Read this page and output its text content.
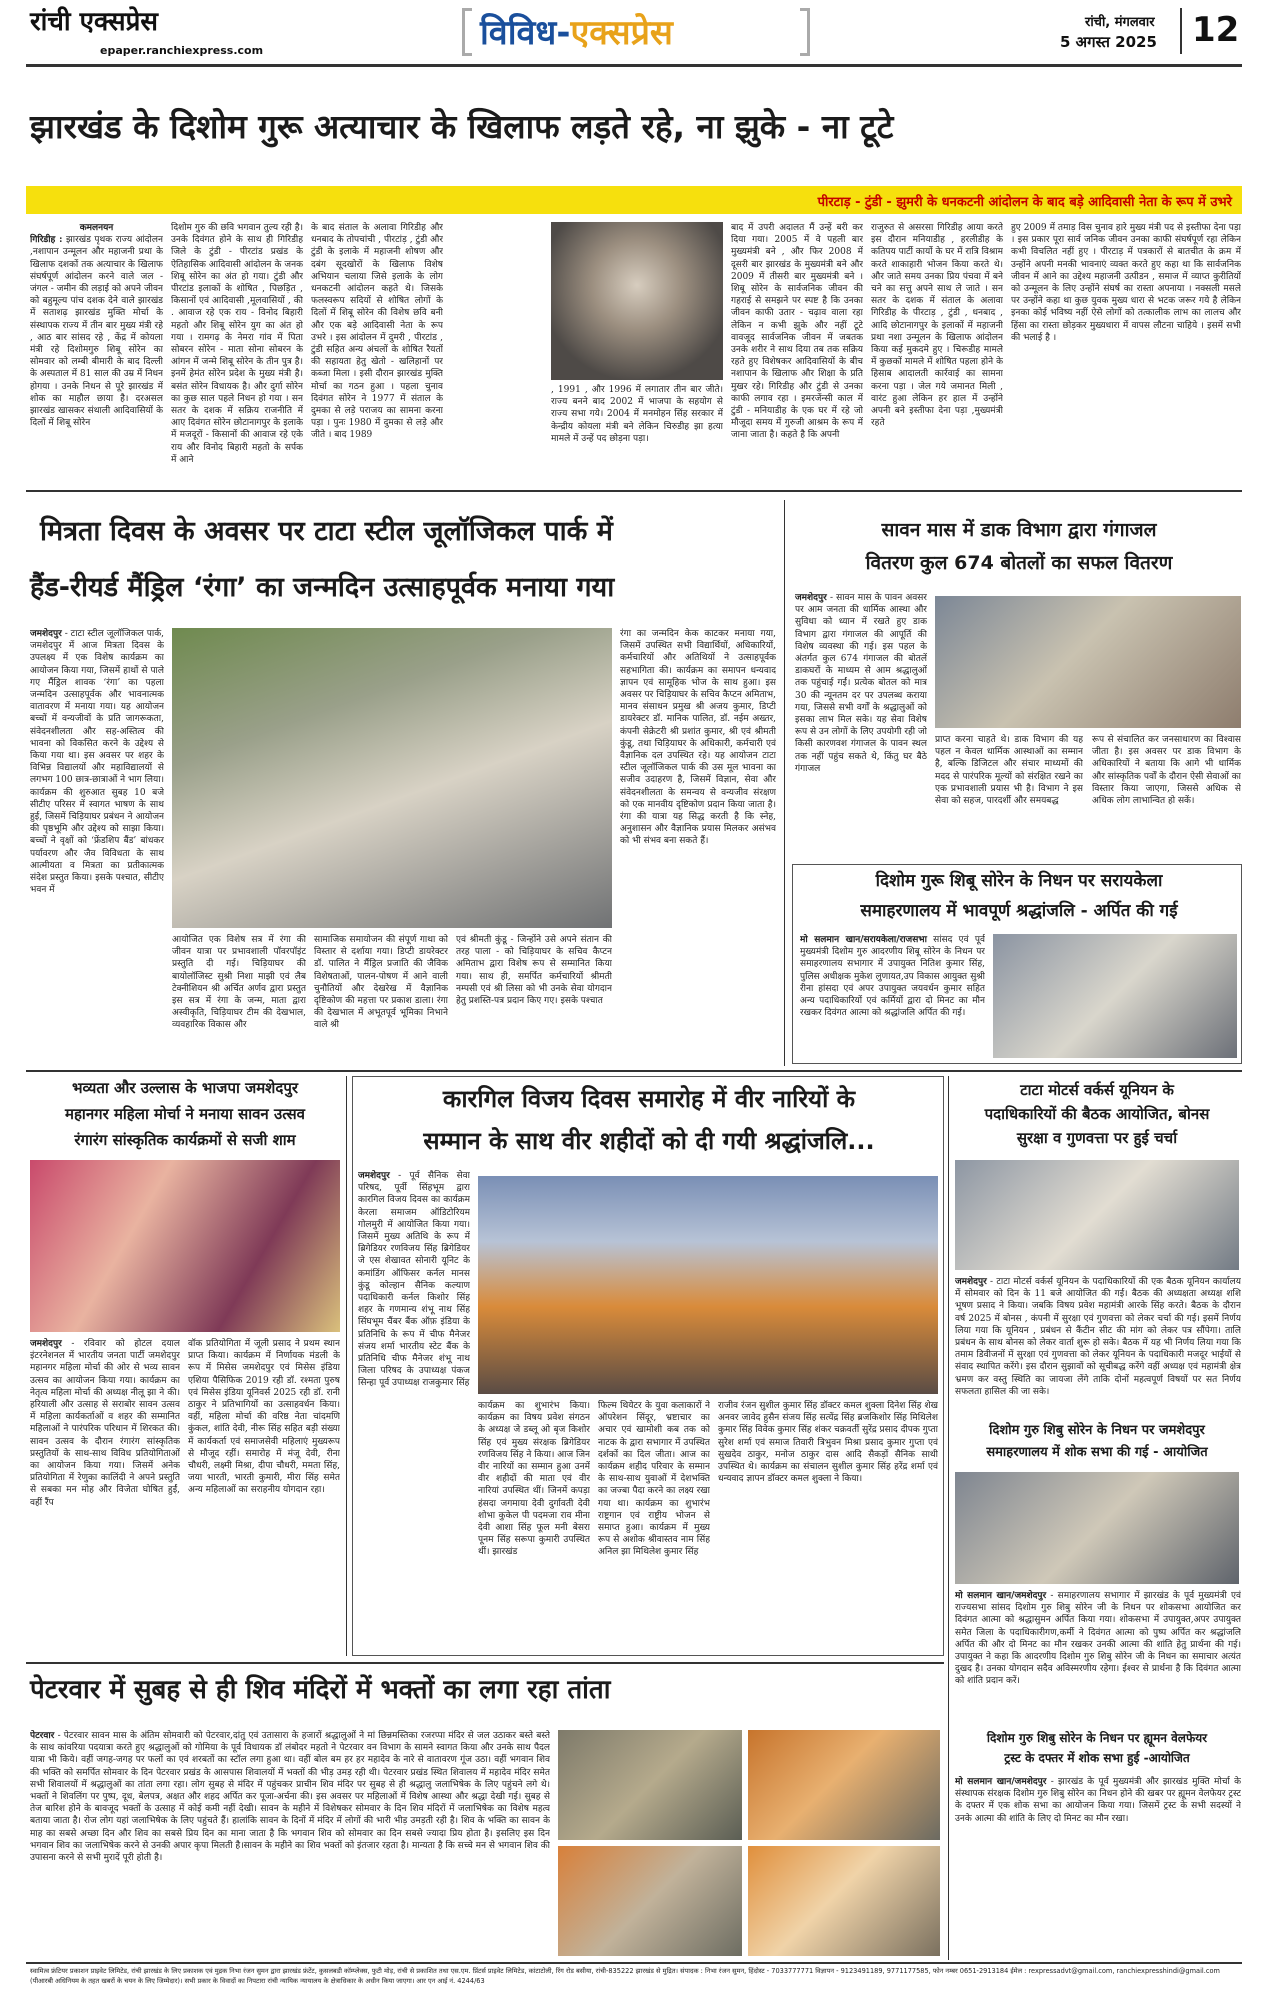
रांची एक्सप्रेस
epaper.ranchiexpress.com	विविध-एक्सप्रेस	रांची, मंगलवार
5 अगस्त 2025 12
झारखंड के दिशोम गुरू अत्याचार के खिलाफ लड़ते रहे, ना झुके - ना टूटे
पीरटाड़ - टुंडी - झुमरी के धनकटनी आंदोलन के बाद बड़े आदिवासी नेता के रूप में उभरे
कमलनयन
गिरिडीह : झारखंड पृथक राज्य आंदोलन ,नशापान उन्मूलन और महाजनी प्रथा के खिलाफ दशकों तक अत्याचार के खिलाफ संघर्षपूर्ण आंदोलन करने वाले जल - जंगल - जमीन की लड़ाई को अपने जीवन को बहुमूल्य पांच दशक देने वाले झारखंड में सताशढ़ झारखंड मुक्ति मोर्चा के संस्थापक राज्य में तीन बार मुख्य मंत्री रहे , आठ बार सांसद रहे , केंद्र में कोयला मंत्री रहे दिशोमगुरु शिबू सोरेन का सोमवार को लम्बी बीमारी के बाद दिल्ली के अस्पताल में 81 साल की उम्र में निधन होगया । उनके निधन से पूरे झारखंड में शोक का माहौल छाया है। दरअसल झारखंड खासकर संथाली आदिवासियों के दिलों में शिबू सोरेन
दिशोम गुरु की छवि भगवान तुल्य रही है। उनके दिवंगत होने के साथ ही गिरिडीह जिले के टुंडी - पीरटांड प्रखंड के ऐतिहासिक आदिवासी आंदोलन के जनक शिबू सोरेन का अंत हो गया। टुंडी और पीरटांड इलाकों के शोषित , पिछड़ित , किसानों एवं आदिवासी ,मूलवासियों , की . आवाज रहे एक राय - विनोद बिहारी महतो और शिबू सोरेन युग का अंत हो गया । रामगढ़ के नेमरा गांव में पिता सोबरन सोरेन - माता सोना सोबरन के आंगन में जन्मे शिबू सोरेन के तीन पुत्र है। इनमें हेमंत सोरेन प्रदेश के मुख्य मंत्री है। बसंत सोरेन विधायक है। और दुर्गा सोरेन का कुछ साल पहले निधन हो गया । सन सतर के दशक में सक्रिय राजनीति में आए दिवंगत सोरेन छोटानागपुर के इलाके में मजदूरों - किसानों की आवाज रहे एके राय और विनोद बिहारी महतो के सर्पक में आने
के बाद संताल के अलावा गिरिडीह और धनबाद के तोपचांची , पीरटांड़ , टुंडी और टुंडी के इलाके में महाजनी शोषण और दबंग सूदखोरों के खिलाफ विशेष अभियान चलाया जिसे इलाके के लोग धनकटनी आंदोलन कहते थे। जिसके फलस्वरूप सदियों से शोषित लोगों के दिलों में शिबू सोरेन की विशेष छवि बनी और एक बड़े आदिवासी नेता के रूप उभरे । इस आंदोलन में दुमरी , पीरटांड , टुंडी सहित अन्य अंचलों के शोषित रैयतों की सहायता हेतु खेतो - खलिहानों पर कब्जा मिला । इसी दौरान झारखंड मुक्ति मोर्चा का गठन हुआ । पहला चुनाव दिवंगत सोरेन ने 1977 में संताल के दुमका से लड़े पराजय का सामना करना पड़ा । पुनः 1980 में दुमका से लड़े और जीते । बाद 1989
, 1991 , और 1996 में लगातार तीन बार जीते। राज्य बनने बाद 2002 में भाजपा के सहयोग से राज्य सभा गये। 2004 में मनमोहन सिंह सरकार में केन्द्रीय कोयला मंत्री बने लेकिन चिरुडीह झा हत्या मामले में उन्हें पद छोड़ना पड़ा।
बाद में उपरी अदालत मैं उन्हें बरी कर दिया गया। 2005 में वे पहली बार मुख्यमंत्री बने , और फिर 2008 में दूसरी बार झारखंड के मुख्यमंत्री बने और 2009 में तीसरी बार मुख्यमंत्री बने । शिबू सोरेन के सार्वजनिक जीवन की गहराई से समझने पर स्पष्ट है कि उनका जीवन काफी उतार - चढ़ाव वाला रहा लेकिन न कभी झुके और नहीं टूटे वावजूद सार्वजनिक जीवन में जबतक उनके शरीर ने साथ दिया तब तक सक्रिय रहते हुए विशेषकर आदिवासियों के बीच नशापान के खिलाफ और शिक्षा के प्रति मुखर रहे। गिरिडीह और टुंडी से उनका काफी लगाव रहा । इमरजेंन्सी काल में टुंडी - मनियाडीह के एक घर में रहे जो मौजूदा समय में गुरुजी आश्रम के रूप में जाना जाता है। कहते है कि अपनी
राजुरुत से असरसा गिरिडीह आया करते इस दौरान मनियाडीह , हरलीडीह के कतिपय पार्टी कार्यो के घर में रात्रि विश्राम करते शाकाहारी भोजन किया करते थे। और जाते समय उनका प्रिय पंचवा में बने चने का सत्तु अपने साथ ले जाते । सन सतर के दशक में संताल के अलावा गिरिडीह के पीरटाड़ , टुंडी , धनबाद , आदि छोटानागपुर के इलाकों में महाजनी प्रथा नशा उन्मूलन के खिलाफ आंदोलन किया कई मुकदमे हुए । चिरूडीह मामले में कुछकों मामले में शोषित पहला होने के हिसाब आदालती कार्रवाई का सामना करना पड़ा । जेल गये जमानत मिली , वारंट हुआ लेकिन हर हाल में उन्होंने अपनी बने इस्तीफा देना पड़ा ,मुख्यमंत्री रहते
हुए 2009 में तमाड़ विस चुनाव हारे मुख्य मंत्री पद से इस्तीफा देना पड़ा । इस प्रकार पूरा सार्व जनिक जीवन उनका काफी संघर्षपूर्ण रहा लेकिन कभी विचलित नहीं हुए । पीरटाड़ में पत्रकारों से बातचीत के क्रम में उन्होंने अपनी मनकी भावनाएं व्यक्त करते हुए कहा था कि सार्वजनिक जीवन में आने का उद्देश्य महाजनी उत्पीडन , समाज में व्याप्त कुरीतियों को उन्मूलन के लिए उन्होंने संघर्ष का रास्ता अपनाया । नक्सली मसले पर उन्होंने कहा था कुछ युवक मुख्य धारा से भटक जरूर गये है लेकिन इनका कोई भविष्य नहीं ऐसे लोगों को तत्कालीक लाभ का लालच और हिंसा का रास्ता छोड़कर मुख्यधारा में वापस लौटना चाहिये । इसमें सभी की भलाई है ।
मित्रता दिवस के अवसर पर टाटा स्टील जूलॉजिकल पार्क में
हैंड-रीयर्ड मैंड्रिल ‘रंगा’ का जन्मदिन उत्साहपूर्वक मनाया गया
जमशेदपुर - टाटा स्टील जूलॉजिकल पार्क, जमशेदपुर में आज मित्रता दिवस के उपलक्ष्य में एक विशेष कार्यक्रम का आयोजन किया गया, जिसमें हाथों से पाले गए मैंड्रिल शावक ‘रंगा’ का पहला जन्मदिन उत्साहपूर्वक और भावनात्मक वातावरण में मनाया गया। यह आयोजन बच्चों में वन्यजीवों के प्रति जागरूकता, संवेदनशीलता और सह-अस्तित्व की भावना को विकसित करने के उद्देश्य से किया गया था। इस अवसर पर शहर के विभिन्न विद्यालयों और महाविद्यालयों से लगभग 100 छात्र-छात्राओं ने भाग लिया। कार्यक्रम की शुरुआत सुबह 10 बजे सीटीए परिसर में स्वागत भाषण के साथ हुई, जिसमें चिड़ियाघर प्रबंधन ने आयोजन की पृष्ठभूमि और उद्देश्य को साझा किया। बच्चों ने वृक्षों को ‘फ्रेंडशिप बैंड’ बांधकर पर्यावरण और जैव विविधता के साथ आत्मीयता व मित्रता का प्रतीकात्मक संदेश प्रस्तुत किया। इसके पश्चात, सीटीए भवन में
आयोजित एक विशेष सत्र में रंगा की जीवन यात्रा पर प्रभावशाली पॉवरपॉइंट प्रस्तुति दी गई। चिड़ियाघर की बायोलॉजिस्ट सुश्री निशा माझी एवं लैब टेक्नीशियन श्री अर्चित अर्णव द्वारा प्रस्तुत इस सत्र में रंगा के जन्म, माता द्वारा अस्वीकृति, चिड़ियाघर टीम की देखभाल, व्यवहारिक विकास और
सामाजिक समायोजन की संपूर्ण गाथा को विस्तार से दर्शाया गया। डिप्टी डायरेक्टर डॉ. पालित ने मैंड्रिल प्रजाति की जैविक विशेषताओं, पालन-पोषण में आने वाली चुनौतियों और देखरेख में वैज्ञानिक दृष्टिकोण की महत्ता पर प्रकाश डाला। रंगा की देखभाल में अभूतपूर्व भूमिका निभाने वाले श्री
एवं श्रीमती कुंडू - जिन्होंने उसे अपने संतान की तरह पाला - को चिड़ियाघर के सचिव कैप्टन अमिताभ द्वारा विशेष रूप से सम्मानित किया गया। साथ ही, समर्पित कर्मचारियों श्रीमती नम्पसी एवं श्री लिसा को भी उनके सेवा योगदान हेतु प्रशस्ति-पत्र प्रदान किए गए। इसके पश्चात
रंगा का जन्मदिन केक काटकर मनाया गया, जिसमें उपस्थित सभी विद्यार्थियों, अधिकारियों, कर्मचारियों और अतिथियों ने उत्साहपूर्वक सहभागिता की। कार्यक्रम का समापन धन्यवाद ज्ञापन एवं सामूहिक भोज के साथ हुआ। इस अवसर पर चिड़ियाघर के सचिव कैप्टन अमिताभ, मानव संसाधन प्रमुख श्री अजय कुमार, डिप्टी डायरेक्टर डॉ. मानिक पालित, डॉ. नईम अख्तर, कंपनी सेक्रेटरी श्री प्रशांत कुमार, श्री एवं श्रीमती कुंडू, तथा चिड़ियाघर के अधिकारी, कर्मचारी एवं वैज्ञानिक दल उपस्थित रहे। यह आयोजन टाटा स्टील जूलॉजिकल पार्क की उस मूल भावना का सजीव उदाहरण है, जिसमें विज्ञान, सेवा और संवेदनशीलता के समन्वय से वन्यजीव संरक्षण को एक मानवीय दृष्टिकोण प्रदान किया जाता है। रंगा की यात्रा यह सिद्ध करती है कि स्नेह, अनुशासन और वैज्ञानिक प्रयास मिलकर असंभव को भी संभव बना सकते हैं।
सावन मास में डाक विभाग द्वारा गंगाजल
वितरण कुल 674 बोतलों का सफल वितरण
जमशेदपुर - सावन मास के पावन अवसर पर आम जनता की धार्मिक आस्था और सुविधा को ध्यान में रखते हुए डाक विभाग द्वारा गंगाजल की आपूर्ति की विशेष व्यवस्था की गई। इस पहल के अंतर्गत कुल 674 गंगाजल की बोतलें डाकघरों के माध्यम से आम श्रद्धालुओं तक पहुंचाई गईं। प्रत्येक बोतल को मात्र 30 की न्यूनतम दर पर उपलब्ध कराया गया, जिससे सभी वर्गों के श्रद्धालुओं को इसका लाभ मिल सके। यह सेवा विशेष रूप से उन लोगों के लिए उपयोगी रही जो किसी कारणवश गंगाजल के पावन स्थल तक नहीं पहुंच सकते थे, किंतु घर बैठे गंगाजल
प्राप्त करना चाहते थे। डाक विभाग की यह पहल न केवल धार्मिक आस्थाओं का सम्मान है, बल्कि डिजिटल और संचार माध्यमों की मदद से पारंपरिक मूल्यों को संरक्षित रखने का एक प्रभावशाली प्रयास भी है। विभाग ने इस सेवा को सहज, पारदर्शी और समयबद्ध
रूप से संचालित कर जनसाधारण का विश्वास जीता है। इस अवसर पर डाक विभाग के अधिकारियों ने बताया कि आगे भी धार्मिक और सांस्कृतिक पर्वों के दौरान ऐसी सेवाओं का विस्तार किया जाएगा, जिससे अधिक से अधिक लोग लाभान्वित हो सकें।
दिशोम गुरू शिबू सोरेन के निधन पर सरायकेला
समाहरणालय में भावपूर्ण श्रद्धांजलि - अर्पित की गई
मो सलमान खान/सरायकेला/राजसभा सांसद एवं पूर्व मुख्यमंत्री दिशोम गुरु आदरणीय शिबू सोरेन के निधन पर समाहरणालय सभागार में उपायुक्त नितिश कुमार सिंह, पुलिस अधीक्षक मुकेश लुणायत,उप विकास आयुक्त सुश्री रीना हांसदा एवं अपर उपायुक्त जयवर्धन कुमार सहित अन्य पदाधिकारियों एवं कर्मियों द्वारा दो मिनट का मौन रखकर दिवंगत आत्मा को श्रद्धांजलि अर्पित की गई।
भव्यता और उल्लास के भाजपा जमशेदपुर
महानगर महिला मोर्चा ने मनाया सावन उत्सव
रंगारंग सांस्कृतिक कार्यक्रमों से सजी शाम
जमशेदपुर - रविवार को होटल दयाल इंटरनेशनल में भारतीय जनता पार्टी जमशेदपुर महानगर महिला मोर्चा की ओर से भव्य सावन उत्सव का आयोजन किया गया। कार्यक्रम का नेतृत्व महिला मोर्चा की अध्यक्ष नीलू झा ने की। हरियाली और उत्साह से सराबोर सावन उत्सव में महिला कार्यकर्ताओं व शहर की सम्मानित महिलाओं ने पारंपरिक परिधान में शिरकत की। सावन उत्सव के दौरान रंगारंग सांस्कृतिक प्रस्तुतियों के साथ-साथ विविध प्रतियोगिताओं का आयोजन किया गया। जिसमें अनेक प्रतियोगिता में रेणुका कालिंदी ने अपने प्रस्तुति से सबका मन मोह और विजेता घोषित हुईं, वहीं रैंप
वॉक प्रतियोगिता में जूली प्रसाद ने प्रथम स्थान प्राप्त किया। कार्यक्रम में निर्णायक मंडली के रूप में मिसेस जमशेदपुर एवं मिसेस इंडिया एशिया पैसिफिक 2019 रही डॉ. रश्मता पुरुष एवं मिसेस इंडिया यूनिवर्स 2025 रही डॉ. रानी ठाकुर ने प्रतिभागियों का उत्साहवर्धन किया। वहीं, महिला मोर्चा की वरिष्ठ नेता चांदमणि कुंकल, शांति देवी, नीरू सिंह सहित बड़ी संख्या में कार्यकर्ता एवं समाजसेवी महिलाएं मुख्यरूप से मौजूद रहीं। समारोह में मंजू देवी, रीना चौधरी, लक्ष्मी मिश्रा, दीपा चौधरी, ममता सिंह, जया भारती, भारती कुमारी, मीरा सिंह समेत अन्य महिलाओं का सराहनीय योगदान रहा।
कारगिल विजय दिवस समारोह में वीर नारियों के
सम्मान के साथ वीर शहीदों को दी गयी श्रद्धांजलि...
जमशेदपुर - पूर्व सैनिक सेवा परिषद, पूर्वी सिंहभूम द्वारा कारगिल विजय दिवस का कार्यक्रम केरला समाजम ऑडिटोरियम गोलमुरी में आयोजित किया गया। जिसमें मुख्य अतिथि के रूप में ब्रिगेडियर रणविजय सिंह ब्रिगेडियर जे एस शेखावत सोनारी यूनिट के कमांडिंग ऑफिसर कर्नल मानस कुंडू कोल्हान सैनिक कल्याण पदाधिकारी कर्नल किशोर सिंह शहर के गणमान्य शंभू नाथ सिंह सिंघभूम चैंबर बैंक ऑफ़ इंडिया के प्रतिनिधि के रूप में चीफ मैनेजर संजय शर्मा भारतीय स्टेट बैंक के प्रतिनिधि चीफ मैनेजर शंभू नाथ जिला परिषद के उपाध्यक्ष पंकज सिन्हा पूर्व उपाध्यक्ष राजकुमार सिंह
कार्यक्रम का शुभारंभ किया। कार्यक्रम का विषय प्रवेश संगठन के अध्यक्ष जे डब्लू ओ बृज किशोर सिंह एवं मुख्य संरक्षक ब्रिगेडियर रणविजय सिंह ने किया। आज जिन वीर नारियों का सम्मान हुआ उनमें वीर शहीदों की माता एवं वीर नारियां उपस्थित थीं। जिनमें कपड़ा हंसदा जगमाया देवी दुर्गावती देवी शोभा कुकेल पी पदमजा राव मीना देवी आशा सिंह फूल मनी बेसरा पूनम सिंह सरूपा कुमारी उपस्थित थीं। झारखंड
फिल्म थियेटर के युवा कलाकारों ने ऑपरेशन सिंदूर, भ्रष्टाचार का अचार एवं खामोशी कब तक को नाटक के द्वारा सभागार में उपस्थित दर्शकों का दिल जीता। आज का कार्यक्रम शहीद परिवार के सम्मान के साथ-साथ युवाओं में देशभक्ति का जज्बा पैदा करने का लक्ष्य रखा गया था। कार्यक्रम का शुभारंभ राष्ट्रगान एवं राष्ट्रीय भोजन से समाप्त हुआ। कार्यक्रम में मुख्य रूप से अशोक श्रीवास्तव नाम सिंह अनिल झा मिथिलेश कुमार सिंह
राजीव रंजन सुशील कुमार सिंह डॉक्टर कमल शुक्ला दिनेश सिंह शेख अनवर जावेद हुसैन संजय सिंह सत्येंद्र सिंह ब्रजकिशोर सिंह मिथिलेश कुमार सिंह विवेक कुमार सिंह शंकर चक्रवर्ती सुरेंद्र प्रसाद दीपक गुप्ता सुरेश शर्मा एवं समाज तिवारी त्रिभुवन मिश्रा प्रसाद कुमार गुप्ता एवं सुखदेव ठाकुर, मनोज ठाकुर दास आदि सैकड़ों सैनिक साथी उपस्थित थे। कार्यक्रम का संचालन सुशील कुमार सिंह हरेंद्र शर्मा एवं धन्यवाद ज्ञापन डॉक्टर कमल शुक्ला ने किया।
टाटा मोटर्स वर्कर्स यूनियन के
पदाधिकारियों की बैठक आयोजित, बोनस
सुरक्षा व गुणवत्ता पर हुई चर्चा
जमशेदपुर - टाटा मोटर्स वर्कर्स यूनियन के पदाधिकारियों की एक बैठक यूनियन कार्यालय में सोमवार को दिन के 11 बजे आयोजित की गई। बैठक की अध्यक्षता अध्यक्ष शशि भूषण प्रसाद ने किया। जबकि विषय प्रवेश महामंत्री आरके सिंह करते। बैठक के दौरान वर्ष 2025 में बोनस , कंपनी में सुरक्षा एवं गुणवत्ता को लेकर चर्चा की गई। इसमें निर्णय लिया गया कि यूनियन , प्रबंधन से कैंटीन सीट की मांग को लेकर पत्र सौंपेगा। तालि प्रबंधन के साथ बोनस को लेकर वार्ता शुरू हो सके। बैठक में यह भी निर्णय लिया गया कि तमाम डिवीजनों में सुरक्षा एवं गुणवत्ता को लेकर यूनियन के पदाधिकारी मजदूर भाईयों से संवाद स्थापित करेंगे। इस दौरान सुझावों को सूचीबद्ध करेंगे वहीं अध्यक्ष एवं महामंत्री क्षेत्र भ्रमण कर वस्तु स्थिति का जायजा लेंगे ताकि दोनों महत्वपूर्ण विषयों पर सत निर्णय सफलता हासिल की जा सके।
दिशोम गुरु शिबु सोरेन के निधन पर जमशेदपुर
समाहरणालय में शोक सभा की गई - आयोजित
मो सलमान खान/जमशेदपुर - समाहरणालय सभागार में झारखंड के पूर्व मुख्यमंत्री एवं राज्यसभा सांसद दिशोम गुरु शिबु सोरेन जी के निधन पर शोकसभा आयोजित कर दिवंगत आत्मा को श्रद्धासुमन अर्पित किया गया। शोकसभा में उपायुक्त,अपर उपायुक्त समेत जिला के पदाधिकारीगण,कर्मी ने दिवंगत आत्मा को पुष्प अर्पित कर श्रद्धांजलि अर्पित की और दो मिनट का मौन रखकर उनकी आत्मा की शांति हेतु प्रार्थना की गई। उपायुक्त ने कहा कि आदरणीय दिशोम गुरु शिबु सोरेन जी के निधन का समाचार अत्यंत दुखद है। उनका योगदान सदैव अविस्मरणीय रहेगा। ईश्वर से प्रार्थना है कि दिवंगत आत्मा को शांति प्रदान करें।
दिशोम गुरु शिबु सोरेन के निधन पर ह्यूमन वेलफेयर
ट्रस्ट के दफ्तर में शोक सभा हुई -आयोजित
मो सलमान खान/जमशेदपुर - झारखंड के पूर्व मुख्यमंत्री और झारखंड मुक्ति मोर्चा के संस्थापक संरक्षक दिशोम गुरु शिबु सोरेन का निधन होने की खबर पर ह्यूमन वेलफेयर ट्रस्ट के दफ्तर में एक शोक सभा का आयोजन किया गया। जिसमें ट्रस्ट के सभी सदस्यों ने उनके आत्मा की शांति के लिए दो मिनट का मौन रखा।
पेटरवार में सुबह से ही शिव मंदिरों में भक्तों का लगा रहा तांता
पेटरवार - पेटरवार सावन मास के अंतिम सोमवारी को पेटरवार,दांतु एवं उतासारा के हजारों श्रद्धालुओं ने मां छिन्नमस्तिका रजरप्पा मंदिर से जल उठाकर बस्ते बस्ते के साथ कांवरिया पदयात्रा करते हुए श्रद्धालुओं को गोमिया के पूर्व विधायक डॉ लंबोदर महतो ने पेटरवार वन विभाग के सामने स्वागत किया और उनके साथ पैदल यात्रा भी किये। वहीं जगह-जगह पर फलों का एवं शरबतों का स्टॉल लगा हुआ था। वहीं बोल बम हर हर महादेव के नारे से वातावरण गूंज उठा। वहीं भगवान शिव की भक्ति को समर्पित सोमवार के दिन पेटरवार प्रखंड के आसपास शिवालयों में भक्तों की भीड़ उमड़ रही थी। पेटरवार प्रखंड स्थित शिवालय में महादेव मंदिर समेत सभी शिवालयों में श्रद्धालुओं का तांता लगा रहा। लोग सुबह से मंदिर में पहुंचकर प्राचीन शिव मंदिर पर सुबह से ही श्रद्धालु जलाभिषेक के लिए पहुंचने लगे थे। भक्तों ने शिवलिंग पर पुष्प, दूध, बेलपत्र, अक्षत और शहद अर्पित कर पूजा-अर्चना की। इस अवसर पर महिलाओं में विशेष आस्था और श्रद्धा देखी गई। सुबह से तेज बारिश होने के बावजूद भक्तों के उत्साह में कोई कमी नहीं देखी। सावन के महीने में विशेषकर सोमवार के दिन शिव मंदिरों में जलाभिषेक का विशेष महत्व बताया जाता है। रोज लोग यहां जलाभिषेक के लिए पहुंचते हैं। हालांकि सावन के दिनों में मंदिर में लोगों की भारी भीड़ उमड़ती रही है। शिव के भक्ति का सावन के माह का सबसे अच्छा दिन और शिव का सबसे प्रिय दिन का माना जाता है कि भगवान शिव को सोमवार का दिन सबसे ज्यादा प्रिय होता है। इसलिए इस दिन भगवान शिव का जलाभिषेक करने से उनकी अपार कृपा मिलती है।सावन के महीने का शिव भक्तों को इंतजार रहता है। मान्यता है कि सच्चे मन से भगवान शिव की उपासना करने से सभी मुरादें पूरी होती है।
स्वामित्व फ्रंटियर प्रकाशन प्राइवेट लिमिटेड, रांची झारखंड के लिए प्रकाशक एवं मुद्रक निभा रंजन सुमन द्वारा झारखंड फ्रंटेंट, कुसलबडी कॉम्प्लेक्स, फुटी मोड़, रांची से प्रकाशित तथा एस.एम. प्रिंटर्स प्राइवेट लिमिटेड, कांटाटोली, रिंग रोड बसीया, रांची-835222 झारखंड से मुद्रित। संपादक : निभा रंजन सुमन, हिंदोस्ट - 7033777771 विज्ञापन - 9123491189, 9771177585, फोन नम्बर 0651-2913184 ईमेल : rexpressadvt@gmail.com, ranchiexpresshindi@gmail.com (पीआरबी अधिनियम के तहत खबरों के चयन के लिए जिम्मेदार)। सभी प्रकार के विवादों का निपटारा रांची न्यायिक न्यायालय के क्षेत्राधिकार के अधीन किया जाएगा। आर एन आई नं. 4244/63
